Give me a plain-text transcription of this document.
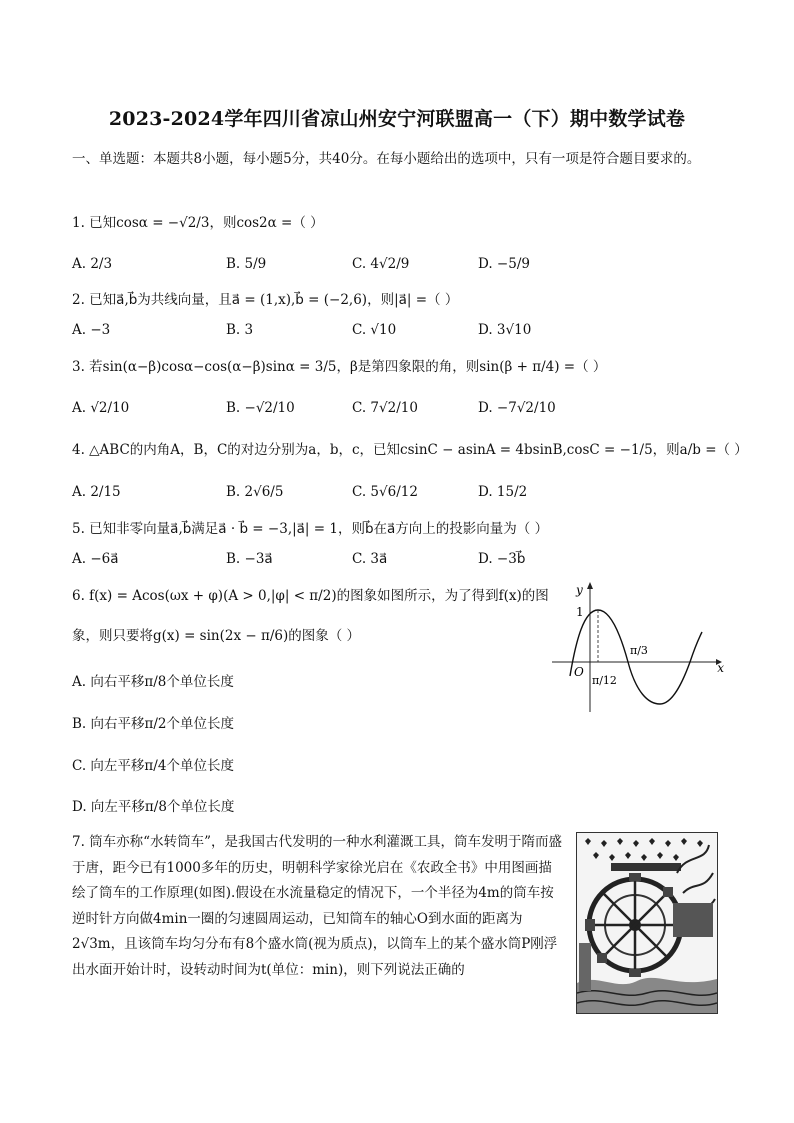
2023-2024学年四川省凉山州安宁河联盟高一（下）期中数学试卷
一、单选题：本题共8小题，每小题5分，共40分。在每小题给出的选项中，只有一项是符合题目要求的。
1. 已知cosα = −√2/3，则cos2α =（ ）
A. 2/3	B. 5/9	C. 4√2/9	D. −5/9
2. 已知a⃗,b⃗为共线向量，且a⃗ = (1,x),b⃗ = (−2,6)，则|a⃗| =（ ）
A. −3	B. 3	C. √10	D. 3√10
3. 若sin(α−β)cosα−cos(α−β)sinα = 3/5，β是第四象限的角，则sin(β + π/4) =（ ）
A. √2/10	B. −√2/10	C. 7√2/10	D. −7√2/10
4. △ABC的内角A，B，C的对边分别为a，b，c，已知csinC − asinA = 4bsinB,cosC = −1/5，则a/b =（ ）
A. 2/15	B. 2√6/5	C. 5√6/12	D. 15/2
5. 已知非零向量a⃗,b⃗满足a⃗ · b⃗ = −3,|a⃗| = 1，则b⃗在a⃗方向上的投影向量为（ ）
A. −6a⃗	B. −3a⃗	C. 3a⃗	D. −3b⃗
6. f(x) = Acos(ωx + φ)(A > 0,|φ| < π/2)的图象如图所示，为了得到f(x)的图
象，则只要将g(x) = sin(2x − π/6)的图象（ ）
A. 向右平移π/8个单位长度
B. 向右平移π/2个单位长度
C. 向左平移π/4个单位长度
D. 向左平移π/8个单位长度
x
y
O
1
π/12
π/3
7. 筒车亦称“水转筒车”，是我国古代发明的一种水利灌溉工具，筒车发明于隋而盛于唐，距今已有1000多年的历史，明朝科学家徐光启在《农政全书》中用图画描绘了筒车的工作原理(如图).假设在水流量稳定的情况下，一个半径为4m的筒车按逆时针方向做4min一圈的匀速圆周运动，已知筒车的轴心O到水面的距离为2√3m，且该筒车均匀分布有8个盛水筒(视为质点)，以筒车上的某个盛水筒P刚浮出水面开始计时，设转动时间为t(单位：min)，则下列说法正确的
